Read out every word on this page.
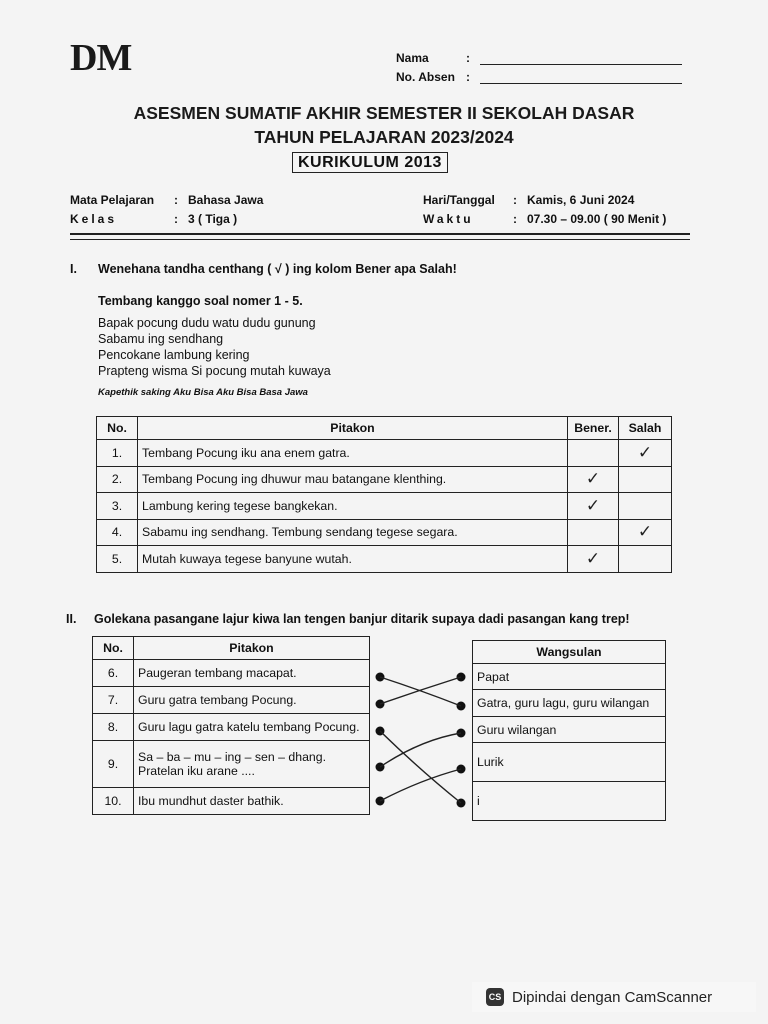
DM	Nama	:
No. Absen :
ASESMEN SUMATIF AKHIR SEMESTER II SEKOLAH DASAR
TAHUN PELAJARAN 2023/2024
KURIKULUM 2013
Mata Pelajaran	: Bahasa Jawa
Kelas	: 3 ( Tiga )
Hari/Tanggal	: Kamis, 6 Juni 2024
Waktu	: 07.30 – 09.00 ( 90 Menit )
I. Wenehana tandha centhang ( √ ) ing kolom Bener apa Salah!
Tembang kanggo soal nomer 1 - 5.
Bapak pocung dudu watu dudu gunung
Sabamu ing sendhang
Pencokane lambung kering
Prapteng wisma Si pocung mutah kuwaya
Kapethik saking Aku Bisa Aku Bisa Basa Jawa
No.	Pitakon	Bener.	Salah
1.	Tembang Pocung iku ana enem gatra.		✓
2.	Tembang Pocung ing dhuwur mau batangane klenthing.	✓	
3.	Lambung kering tegese bangkekan.	✓	
4.	Sabamu ing sendhang. Tembung sendang tegese segara.		✓
5.	Mutah kuwaya tegese banyune wutah.	✓	
II. Golekana pasangane lajur kiwa lan tengen banjur ditarik supaya dadi pasangan kang trep!
No.	Pitakon
6.	Paugeran tembang macapat.
7.	Guru gatra tembang Pocung.
8.	Guru lagu gatra katelu tembang Pocung.
9.	Sa – ba – mu – ing – sen – dhang.
Pratelan iku arane ....

10.	Ibu mundhut daster bathik.
Wangsulan
Papat
Gatra, guru lagu, guru wilangan
Guru wilangan
Lurik
i
CS Dipindai dengan CamScanner
